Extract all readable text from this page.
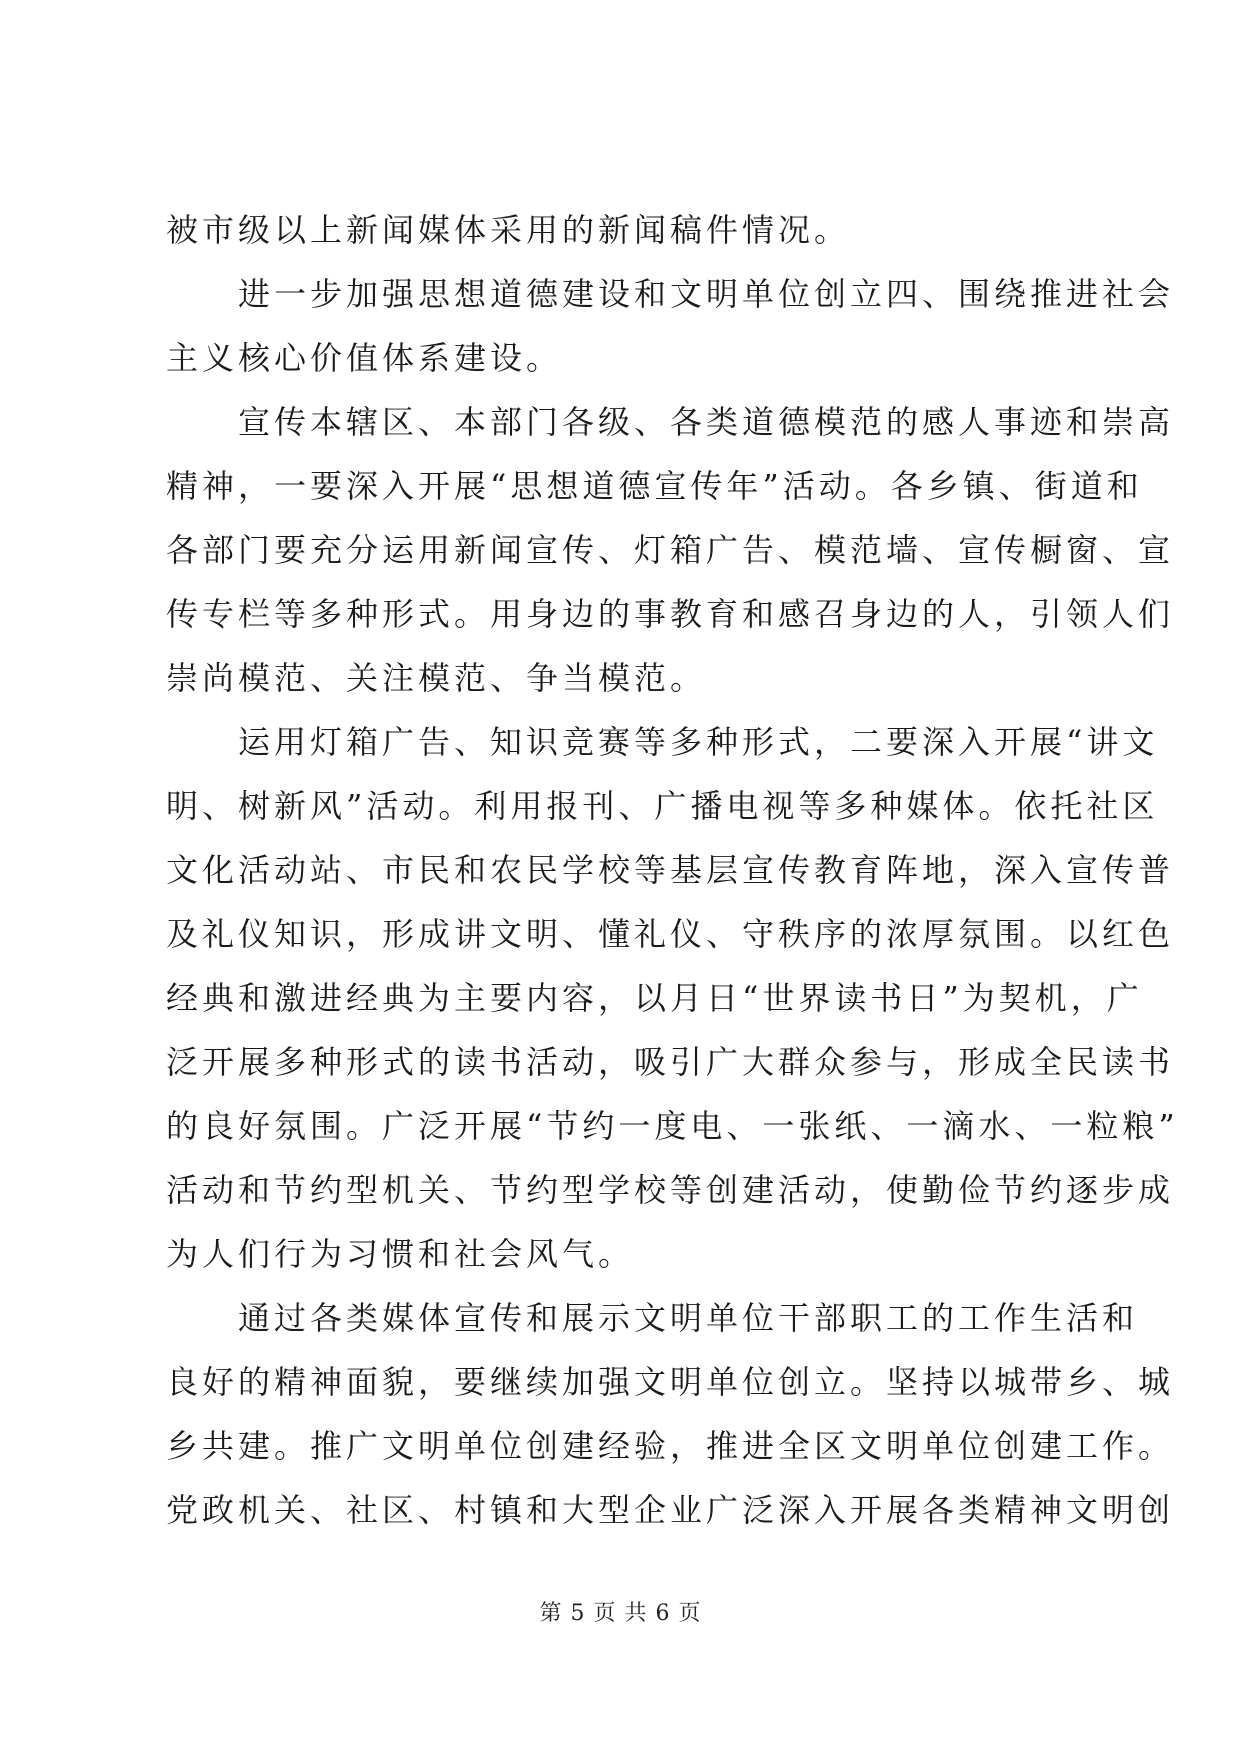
被市级以上新闻媒体采用的新闻稿件情况。

进一步加强思想道德建设和文明单位创立四、围绕推进社会
主义核心价值体系建设。

宣传本辖区、本部门各级、各类道德模范的感人事迹和崇高
精神，一要深入开展“思想道德宣传年”活动。各乡镇、街道和
各部门要充分运用新闻宣传、灯箱广告、模范墙、宣传橱窗、宣
传专栏等多种形式。用身边的事教育和感召身边的人，引领人们
崇尚模范、关注模范、争当模范。

运用灯箱广告、知识竞赛等多种形式，二要深入开展“讲文
明、树新风”活动。利用报刊、广播电视等多种媒体。依托社区
文化活动站、市民和农民学校等基层宣传教育阵地，深入宣传普
及礼仪知识，形成讲文明、懂礼仪、守秩序的浓厚氛围。以红色
经典和激进经典为主要内容，以月日“世界读书日”为契机，广
泛开展多种形式的读书活动，吸引广大群众参与，形成全民读书
的良好氛围。广泛开展“节约一度电、一张纸、一滴水、一粒粮”
活动和节约型机关、节约型学校等创建活动，使勤俭节约逐步成
为人们行为习惯和社会风气。

通过各类媒体宣传和展示文明单位干部职工的工作生活和
良好的精神面貌，要继续加强文明单位创立。坚持以城带乡、城
乡共建。推广文明单位创建经验，推进全区文明单位创建工作。
党政机关、社区、村镇和大型企业广泛深入开展各类精神文明创

第 5 页 共 6 页
